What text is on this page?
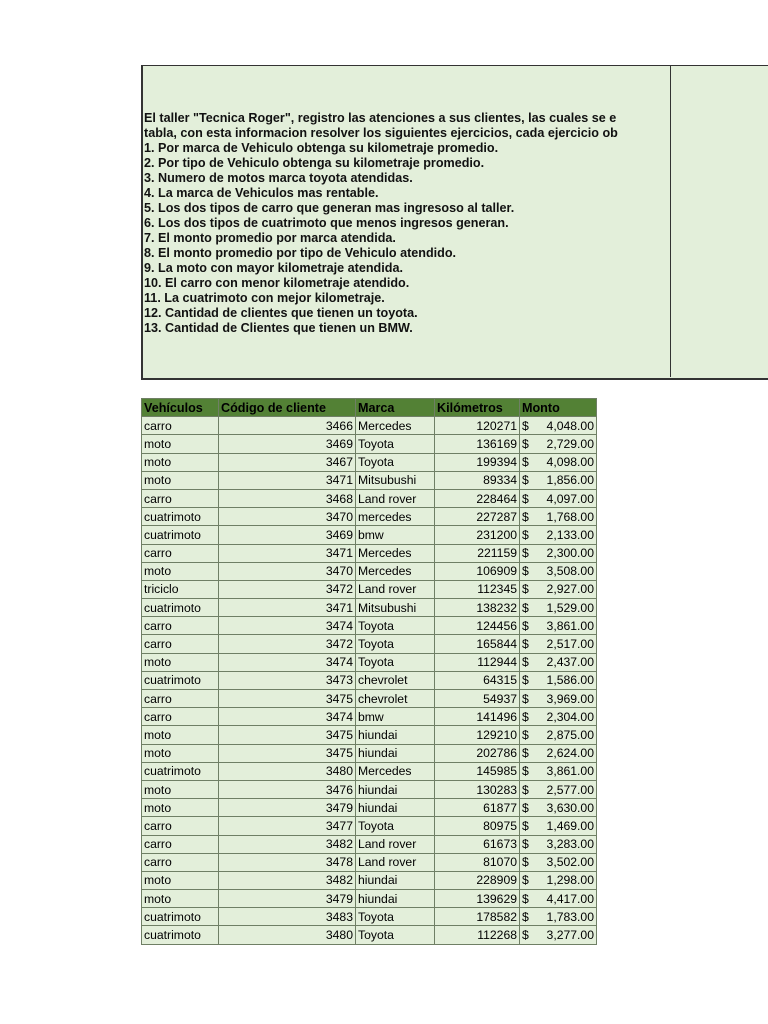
El taller "Tecnica Roger", registro las atenciones a sus clientes, las cuales se e
tabla, con esta informacion resolver los siguientes ejercicios, cada ejercicio ob
1. Por marca de Vehiculo obtenga su kilometraje promedio.
2. Por tipo de Vehiculo obtenga su kilometraje promedio.
3. Numero de motos marca toyota atendidas.
4. La marca de Vehiculos mas rentable.
5. Los dos tipos de carro que generan mas ingresoso al taller.
6. Los dos tipos de cuatrimoto que menos ingresos generan.
7. El monto promedio por marca atendida.
8. El monto promedio por tipo de Vehiculo atendido.
9. La moto con mayor kilometraje atendida.
10. El carro con menor kilometraje atendido.
11. La cuatrimoto con mejor kilometraje.
12. Cantidad de clientes que tienen un toyota.
13. Cantidad de Clientes que tienen un BMW.
Vehículos	Código de cliente	Marca	Kilómetros	Monto
carro	3466	Mercedes	120271	$ 4,048.00

moto	3469	Toyota	136169	$ 2,729.00

moto	3467	Toyota	199394	$ 4,098.00

moto	3471	Mitsubushi	89334	$ 1,856.00

carro	3468	Land rover	228464	$ 4,097.00

cuatrimoto	3470	mercedes	227287	$ 1,768.00

cuatrimoto	3469	bmw	231200	$ 2,133.00

carro	3471	Mercedes	221159	$ 2,300.00

moto	3470	Mercedes	106909	$ 3,508.00

triciclo	3472	Land rover	112345	$ 2,927.00

cuatrimoto	3471	Mitsubushi	138232	$ 1,529.00

carro	3474	Toyota	124456	$ 3,861.00

carro	3472	Toyota	165844	$ 2,517.00

moto	3474	Toyota	112944	$ 2,437.00

cuatrimoto	3473	chevrolet	64315	$ 1,586.00

carro	3475	chevrolet	54937	$ 3,969.00

carro	3474	bmw	141496	$ 2,304.00

moto	3475	hiundai	129210	$ 2,875.00

moto	3475	hiundai	202786	$ 2,624.00

cuatrimoto	3480	Mercedes	145985	$ 3,861.00

moto	3476	hiundai	130283	$ 2,577.00

moto	3479	hiundai	61877	$ 3,630.00

carro	3477	Toyota	80975	$ 1,469.00

carro	3482	Land rover	61673	$ 3,283.00

carro	3478	Land rover	81070	$ 3,502.00

moto	3482	hiundai	228909	$ 1,298.00

moto	3479	hiundai	139629	$ 4,417.00

cuatrimoto	3483	Toyota	178582	$ 1,783.00

cuatrimoto	3480	Toyota	112268	$ 3,277.00
